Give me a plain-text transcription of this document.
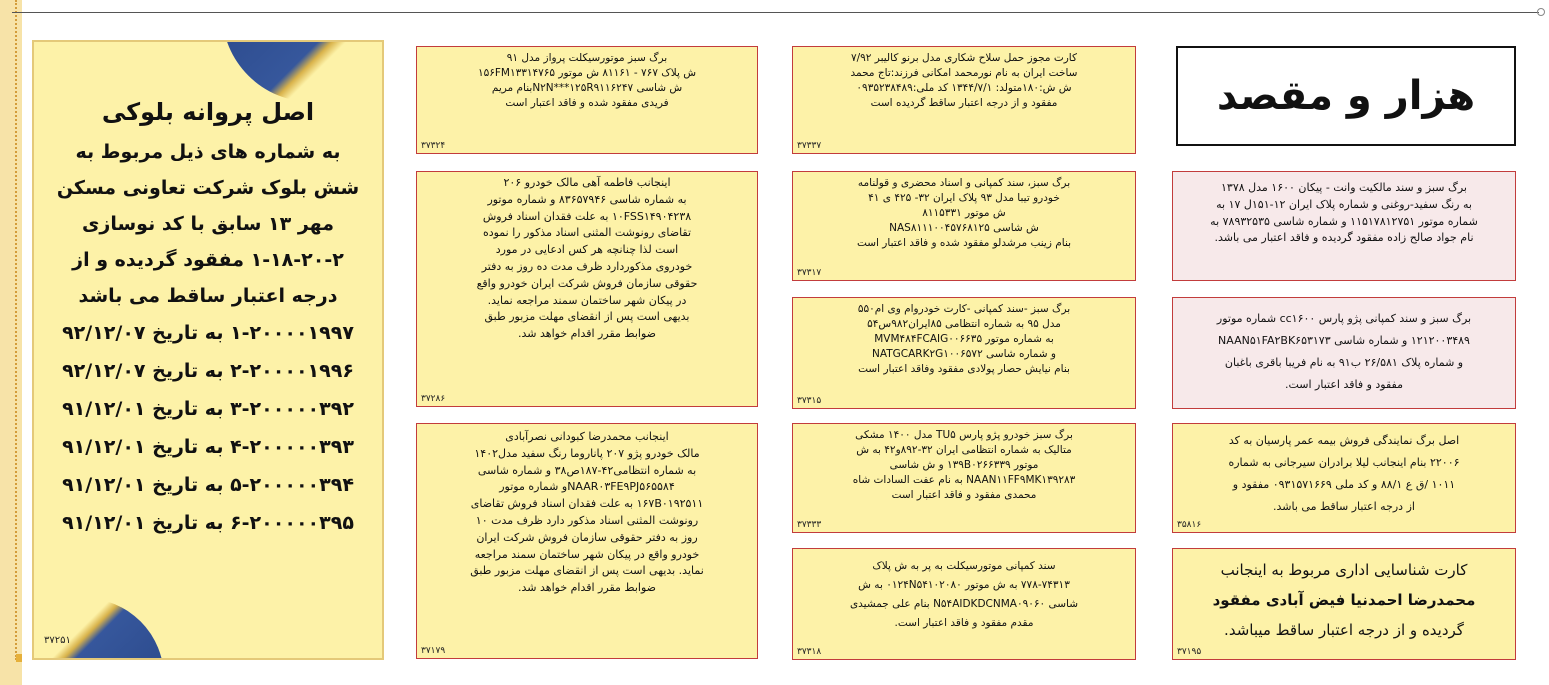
اصل پروانه بلوکی
به شماره های ذیل مربوط به
شش بلوک شرکت تعاونی مسکن
مهر ۱۳ سابق با کد نوسازی
۱-۱۸-۲۰-۲ مفقود گردیده و از
درجه اعتبار ساقط می باشد
۱-۲۰۰۰۰۱۹۹۷ به تاریخ ۹۲/۱۲/۰۷
۲-۲۰۰۰۰۱۹۹۶ به تاریخ ۹۲/۱۲/۰۷
۳-۲۰۰۰۰۰۳۹۲ به تاریخ ۹۱/۱۲/۰۱
۴-۲۰۰۰۰۰۳۹۳ به تاریخ ۹۱/۱۲/۰۱
۵-۲۰۰۰۰۰۳۹۴ به تاریخ ۹۱/۱۲/۰۱
۶-۲۰۰۰۰۰۳۹۵ به تاریخ ۹۱/۱۲/۰۱
۳۷۲۵۱

برگ سبز موتورسیکلت پرواز مدل ۹۱

ش پلاک ۷۶۷ - ۸۱۱۶۱ ش موتور ۱۵۶FM۱۳۳۱۴۷۶۵

ش شاسی N۲N***۱۲۵R۹۱۱۶۲۴۷بنام مریم

فریدی مفقود شده و فاقد اعتبار است

۳۷۳۲۴

اینجانب فاطمه آهی مالک خودرو ۲۰۶

به شماره شاسی ۸۳۶۵۷۹۴۶ و شماره موتور

۱۰FSS۱۴۹۰۴۲۳۸ به علت فقدان اسناد فروش

تقاضای رونوشت المثنی اسناد مذکور را نموده

است لذا چنانچه هر کس ادعایی در مورد

خودروی مذکوردارد ظرف مدت ده روز به دفتر

حقوقی سازمان فروش شرکت ایران خودرو واقع

در پیکان شهر ساختمان سمند مراجعه نماید.

بدیهی است پس از انقضای مهلت مزبور طبق

ضوابط مقرر اقدام خواهد شد.

۳۷۲۸۶

اینجانب محمدرضا کبودانی نصرآبادی

مالک خودرو پژو ۲۰۷ پاناروما رنگ سفید مدل۱۴۰۲

به شماره انتظامی۴۲-۱۸۷ص۳۸ و شماره شاسی

NAAR۰۳FE۹PJ۵۶۵۵۸۴و شماره موتور

۱۶۷B۰۱۹۲۵۱۱ به علت فقدان اسناد فروش تقاضای

رونوشت المثنی اسناد مذکور دارد ظرف مدت ۱۰

روز به دفتر حقوقی سازمان فروش شرکت ایران

خودرو واقع در پیکان شهر ساختمان سمند مراجعه

نماید. بدیهی است پس از انقضای مهلت مزبور طبق

ضوابط مقرر اقدام خواهد شد.

۳۷۱۷۹

کارت مجوز حمل سلاح شکاری مدل برنو کالیبر ۷/۹۲

ساخت ایران به نام نورمحمد امکانی فرزند:تاج محمد

ش ش:۱۸۰متولد: ۱۳۴۴/۷/۱ کد ملی:۰۹۳۵۲۳۸۴۸۹

مفقود و از درجه اعتبار ساقط گردیده است

۳۷۳۳۷

برگ سبز، سند کمپانی و اسناد محضری و قولنامه

خودرو تیبا مدل ۹۳ پلاک ایران ۳۲- ۴۲۵ ی ۴۱

ش موتور ۸۱۱۵۳۳۱

ش شاسی NAS۸۱۱۱۰۰۴۵۷۶۸۱۲۵

بنام زینب مرشدلو مفقود شده و فاقد اعتبار است

۳۷۳۱۷

برگ سبز -سند کمپانی -کارت خودروام وی ام۵۵۰

مدل ۹۵ به شماره انتظامی ۸۵ایران۹۸۲س۵۴

به شماره موتور MVM۴۸۴FCAIG۰۰۶۶۳۵

و شماره شاسی NATGCARK۲G۱۰۰۶۵۷۲

بنام نیایش حصار پولادی مفقود وفاقد اعتبار است

۳۷۳۱۵

برگ سبز خودرو پژو پارس TU۵ مدل ۱۴۰۰ مشکی

متالیک به شماره انتظامی ایران ۳۲-۸۹۲و۴۲ به ش

موتور ۱۳۹B۰۲۶۶۳۳۹ و ش شاسی

NAAN۱۱FF۹MK۱۳۹۲۸۳ به نام عفت السادات شاه

محمدی مفقود و فاقد اعتبار است

۳۷۳۳۳

سند کمپانی موتورسیکلت به پر به ش پلاک

۷۷۸-۷۴۳۱۳ به ش موتور ۰۱۲۴N۵۴۱۰۲۰۸۰ به ش

شاسی N۵۴AIDKDCNMA۰۹۰۶۰ بنام علی جمشیدی

مقدم مفقود و فاقد اعتبار است.

۳۷۳۱۸
هزار و مقصد

برگ سبز و سند مالکیت وانت - پیکان ۱۶۰۰ مدل ۱۳۷۸

به رنگ سفید-روغنی و شماره پلاک ایران ۱۲-۱۵۱ل ۱۷ به

شماره موتور ۱۱۵۱۷۸۱۲۷۵۱ و شماره شاسی ۷۸۹۳۲۵۳۵ به

نام جواد صالح زاده مفقود گردیده و فاقد اعتبار می باشد.

برگ سبز و سند کمپانی پژو پارس cc۱۶۰۰ شماره موتور

۱۲۱۲۰۰۳۴۸۹ و شماره شاسی NAAN۵۱FA۲BK۶۵۳۱۷۳

و شماره پلاک ۲۶/۵۸۱ ب۹۱ به نام فریبا باقری باغبان

مفقود و فاقد اعتبار است.

اصل برگ نمایندگی فروش بیمه عمر پارسیان به کد

۲۲۰۰۶ بنام اینجانب لیلا برادران سیرجانی به شماره

۱۰۱۱ /ق ع ۸۸/۱ و کد ملی ۰۹۳۱۵۷۱۶۶۹ مفقود و

از درجه اعتبار ساقط می باشد.

۳۵۸۱۶

کارت شناسایی اداری مربوط به اینجانب

محمدرضا احمدنیا فیض آبادی مفقود

گردیده و از درجه اعتبار ساقط میباشد.

۳۷۱۹۵
